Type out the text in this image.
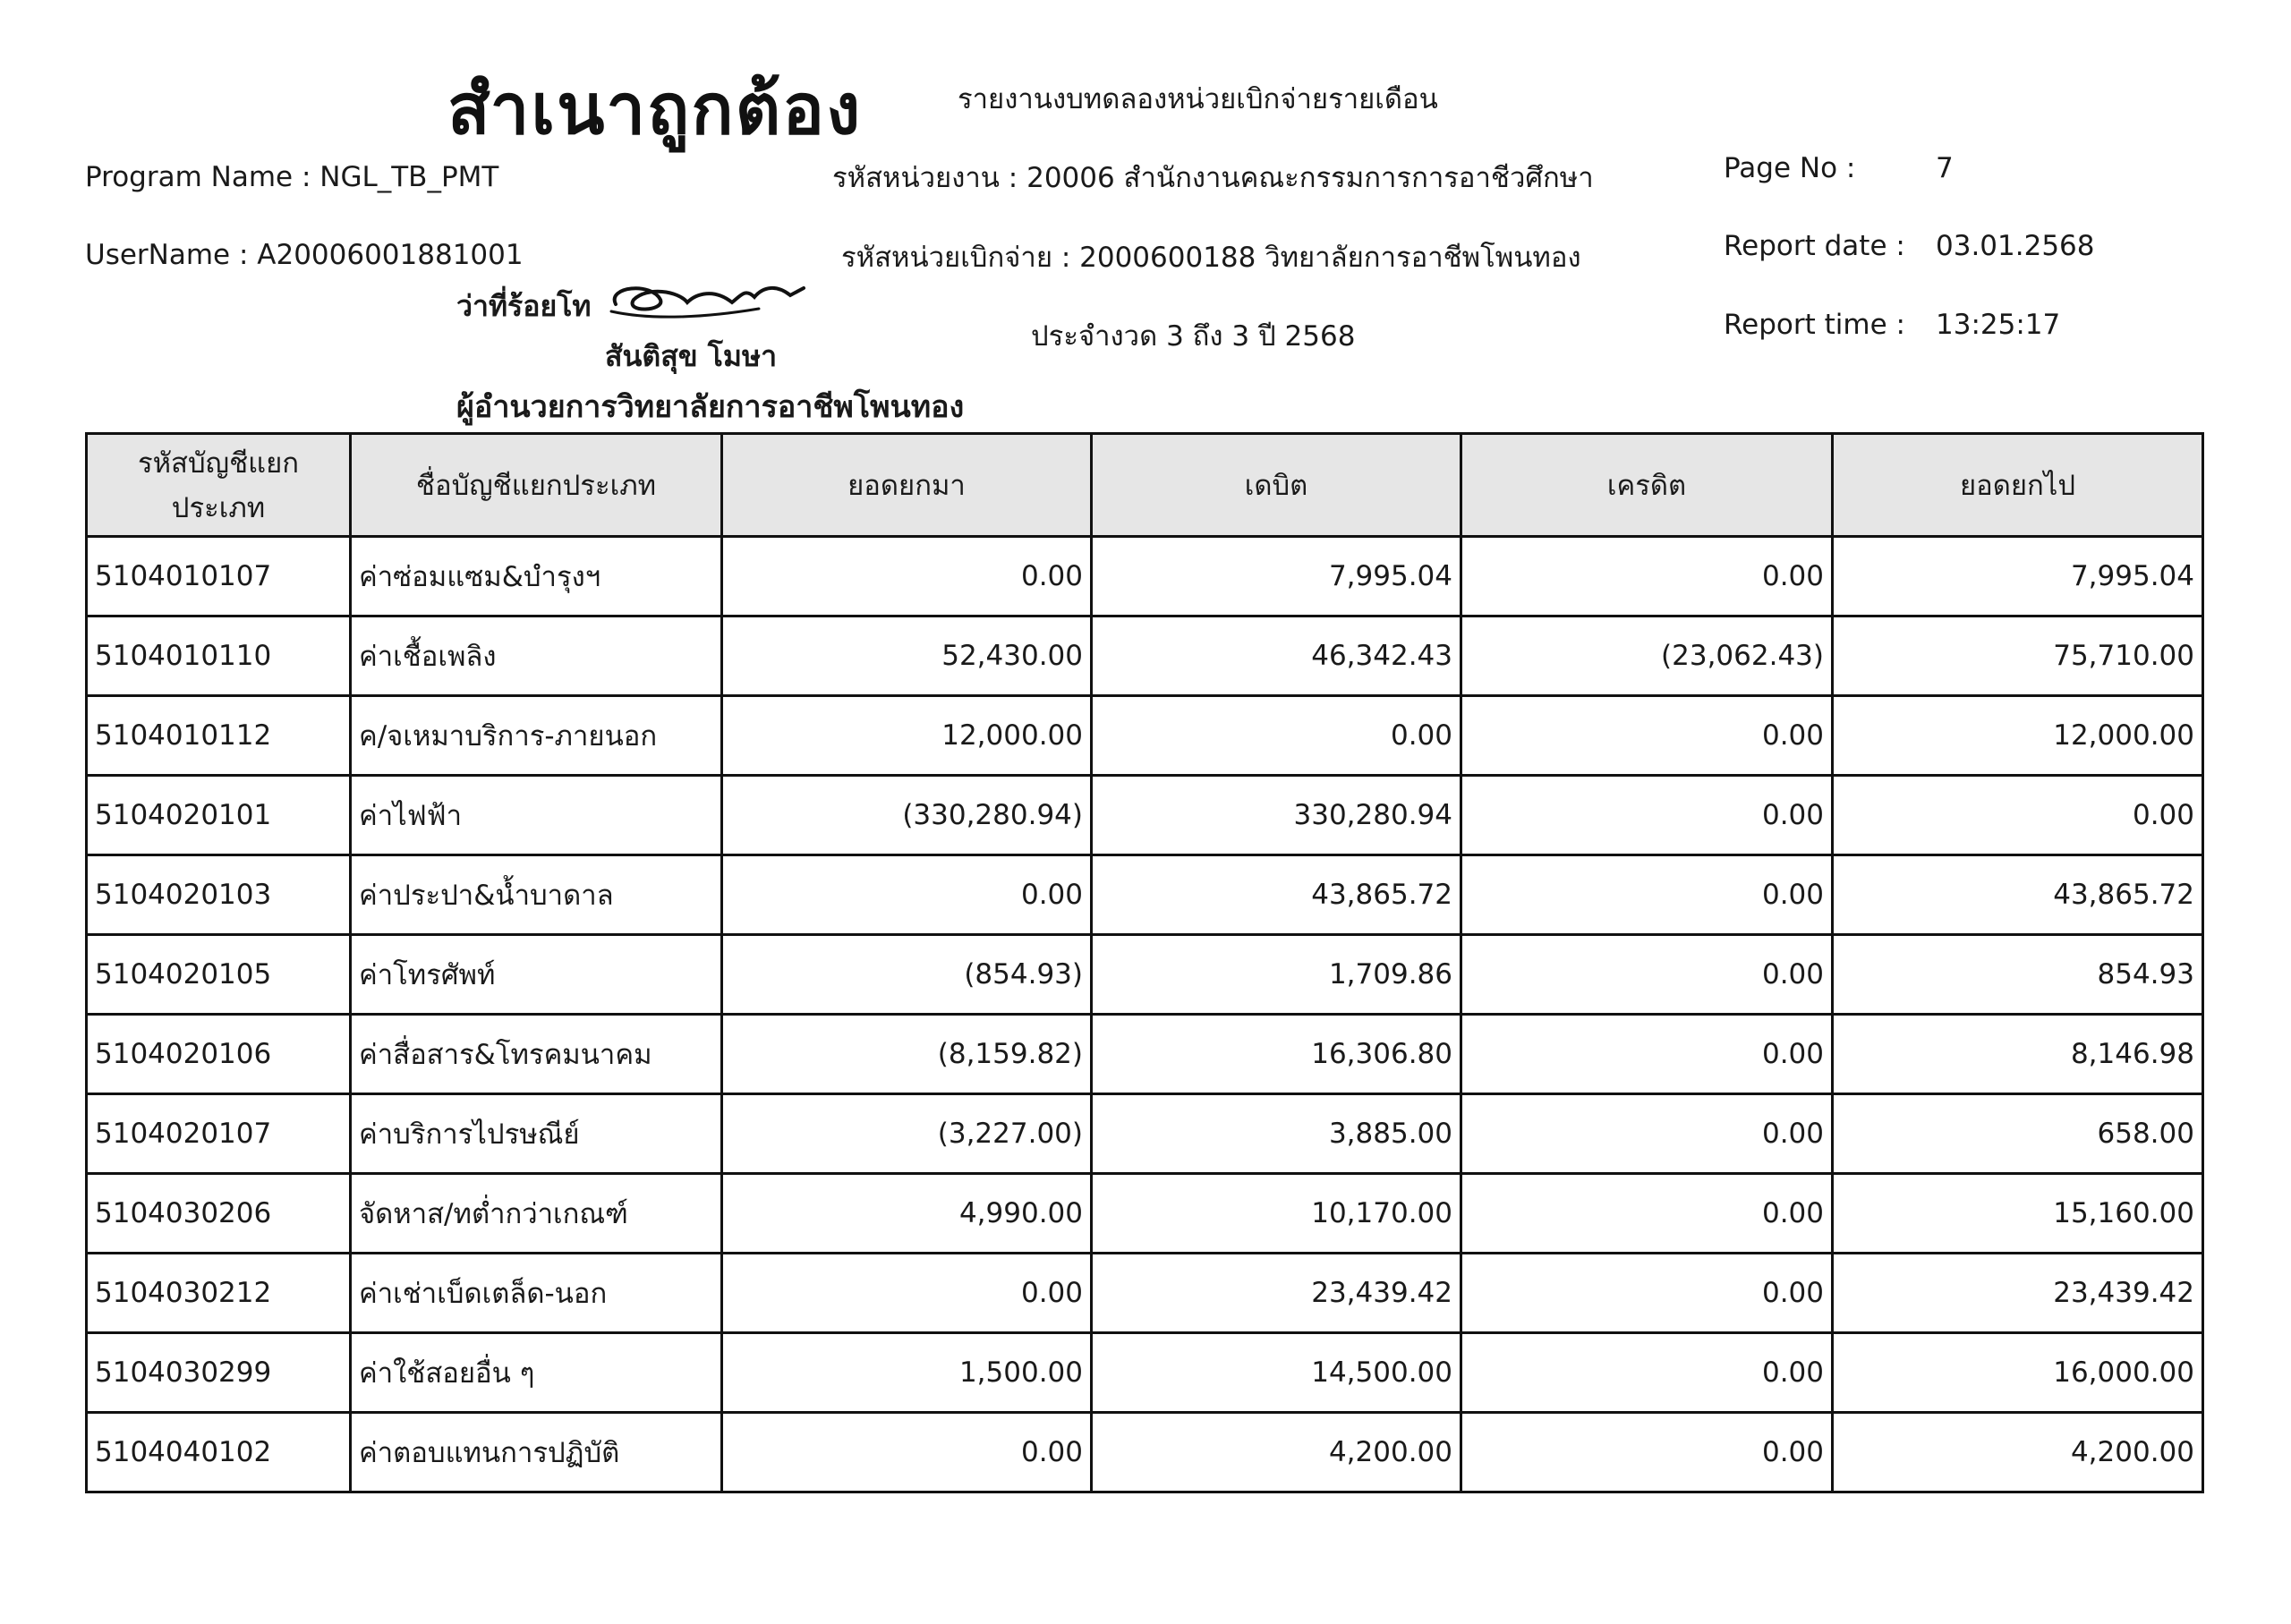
สำเนาถูกต้อง	รายงานงบทดลองหน่วยเบิกจ่ายรายเดือน
Program Name : NGL_TB_PMT
UserName : A20006001881001
รหัสหน่วยงาน : 20006 สำนักงานคณะกรรมการการอาชีวศึกษา
รหัสหน่วยเบิกจ่าย : 2000600188 วิทยาลัยการอาชีพโพนทอง
ประจำงวด 3 ถึง 3 ปี 2568
Page No :	7
Report date : 03.01.2568
Report time : 13:25:17
ว่าที่ร้อยโท
สันติสุข โมษา
ผู้อำนวยการวิทยาลัยการอาชีพโพนทอง
รหัสบัญชีแยกประเภท	ชื่อบัญชีแยกประเภท	ยอดยกมา	เดบิต	เครดิต	ยอดยกไป
5104010107	ค่าซ่อมแซม&บำรุงฯ	0.00	7,995.04	0.00	7,995.04
5104010110	ค่าเชื้อเพลิง	52,430.00	46,342.43	(23,062.43)	75,710.00
5104010112	ค/จเหมาบริการ-ภายนอก	12,000.00	0.00	0.00	12,000.00
5104020101	ค่าไฟฟ้า	(330,280.94)	330,280.94	0.00	0.00
5104020103	ค่าประปา&น้ำบาดาล	0.00	43,865.72	0.00	43,865.72
5104020105	ค่าโทรศัพท์	(854.93)	1,709.86	0.00	854.93
5104020106	ค่าสื่อสาร&โทรคมนาคม	(8,159.82)	16,306.80	0.00	8,146.98
5104020107	ค่าบริการไปรษณีย์	(3,227.00)	3,885.00	0.00	658.00
5104030206	จัดหาส/ทต่ำกว่าเกณฑ์	4,990.00	10,170.00	0.00	15,160.00
5104030212	ค่าเช่าเบ็ดเตล็ด-นอก	0.00	23,439.42	0.00	23,439.42
5104030299	ค่าใช้สอยอื่น ๆ	1,500.00	14,500.00	0.00	16,000.00
5104040102	ค่าตอบแทนการปฏิบัติ	0.00	4,200.00	0.00	4,200.00
